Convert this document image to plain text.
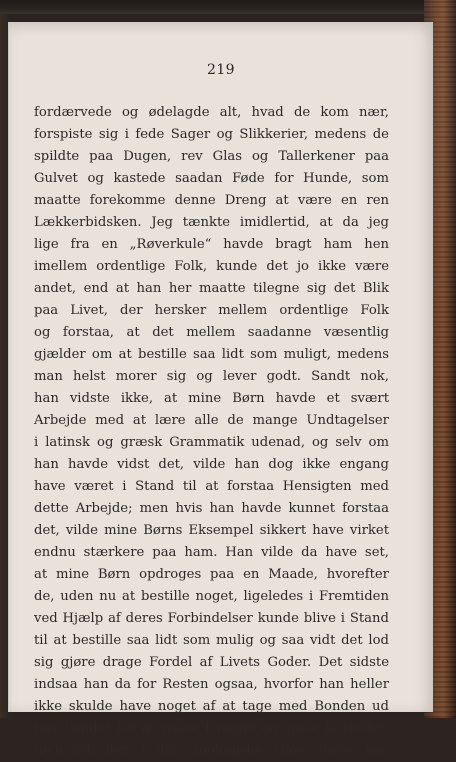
219

fordærvede og ødelagde alt, hvad de kom nær,

forspiste sig i fede Sager og Slikkerier, medens de

spildte paa Dugen, rev Glas og Tallerkener paa

Gulvet og kastede saadan Føde for Hunde, som

maatte forekomme denne Dreng at være en ren

Lækkerbidsken. Jeg tænkte imidlertid, at da jeg

lige fra en „Røverkule“ havde bragt ham hen

imellem ordentlige Folk, kunde det jo ikke være

andet, end at han her maatte tilegne sig det Blik

paa Livet, der hersker mellem ordentlige Folk

og forstaa, at det mellem saadanne væsentlig

gjælder om at bestille saa lidt som muligt, medens

man helst morer sig og lever godt. Sandt nok,

han vidste ikke, at mine Børn havde et svært

Arbejde med at lære alle de mange Undtagelser

i latinsk og græsk Grammatik udenad, og selv om

han havde vidst det, vilde han dog ikke engang

have været i Stand til at forstaa Hensigten med

dette Arbejde; men hvis han havde kunnet forstaa

det, vilde mine Børns Eksempel sikkert have virket

endnu stærkere paa ham. Han vilde da have set,

at mine Børn opdroges paa en Maade, hvorefter

de, uden nu at bestille noget, ligeledes i Fremtiden

ved Hjælp af deres Forbindelser kunde blive i Stand

til at bestille saa lidt som mulig og saa vidt det lod

sig gjøre drage Fordel af Livets Goder. Det sidste

indsaa han da for Resten ogsaa, hvorfor han heller

ikke skulde have noget af at tage med Bonden ud

paa Landet for at passe Kvæget og spise Kartofler;

men gik hen i den zoologiske Have, hvor han
